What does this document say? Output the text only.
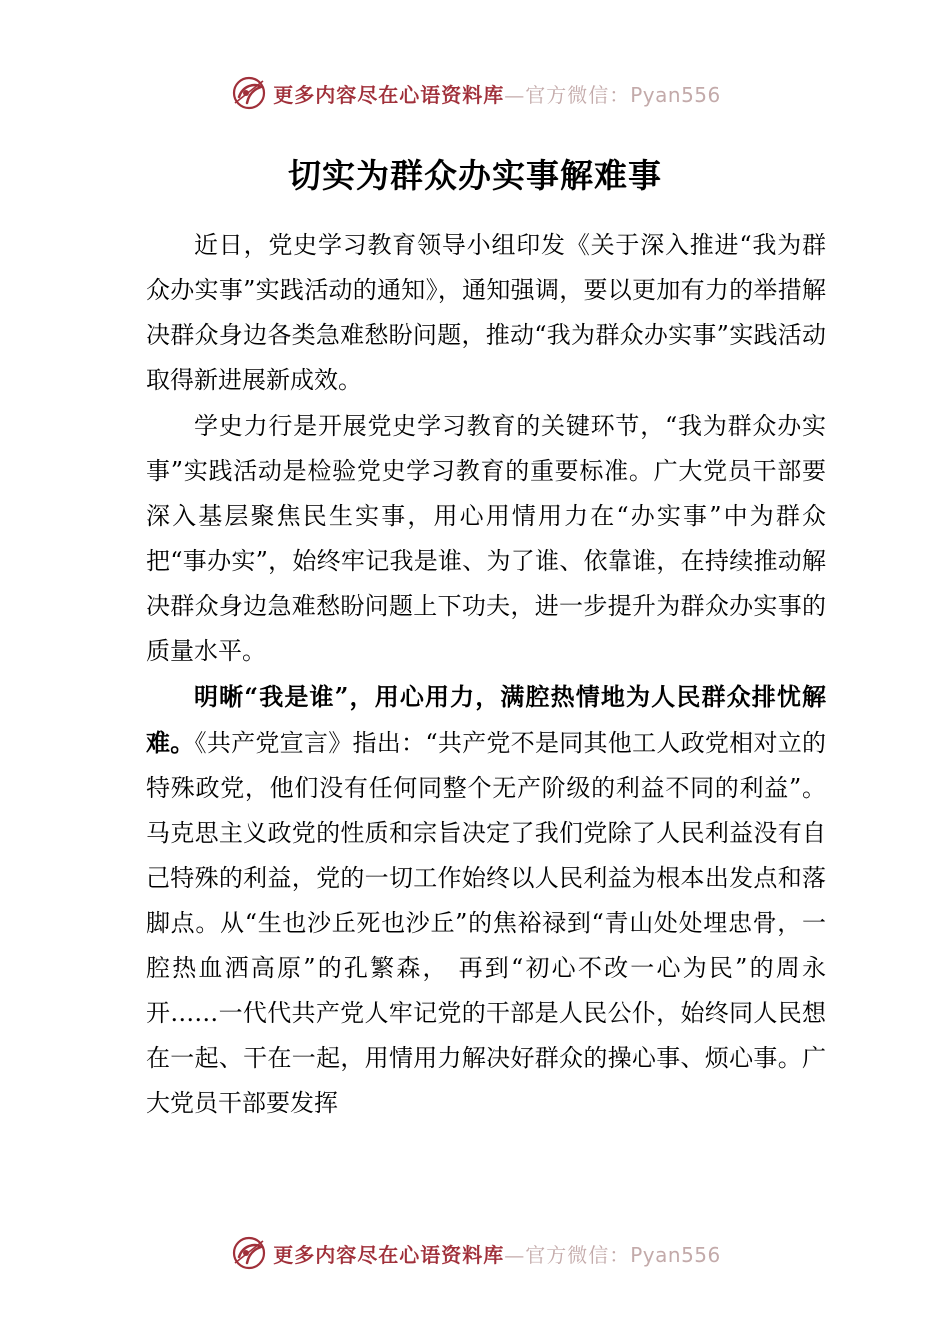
更多内容尽在心语资料库—官方微信：Pyan556
切实为群众办实事解难事

近日，党史学习教育领导小组印发《关于深入推进“我为群众办实事”实践活动的通知》，通知强调，要以更加有力的举措解决群众身边各类急难愁盼问题，推动“我为群众办实事”实践活动取得新进展新成效。

学史力行是开展党史学习教育的关键环节，“我为群众办实事”实践活动是检验党史学习教育的重要标准。广大党员干部要深入基层聚焦民生实事，用心用情用力在“办实事”中为群众把“事办实”，始终牢记我是谁、为了谁、依靠谁，在持续推动解决群众身边急难愁盼问题上下功夫，进一步提升为群众办实事的质量水平。

明晰“我是谁”，用心用力，满腔热情地为人民群众排忧解难。《共产党宣言》指出：“共产党不是同其他工人政党相对立的特殊政党，他们没有任何同整个无产阶级的利益不同的利益”。马克思主义政党的性质和宗旨决定了我们党除了人民利益没有自己特殊的利益，党的一切工作始终以人民利益为根本出发点和落脚点。从“生也沙丘死也沙丘”的焦裕禄到“青山处处埋忠骨，一腔热血洒高原”的孔繁森， 再到“初心不改一心为民”的周永开……一代代共产党人牢记党的干部是人民公仆，始终同人民想在一起、干在一起，用情用力解决好群众的操心事、烦心事。广大党员干部要发挥

更多内容尽在心语资料库—官方微信：Pyan556
